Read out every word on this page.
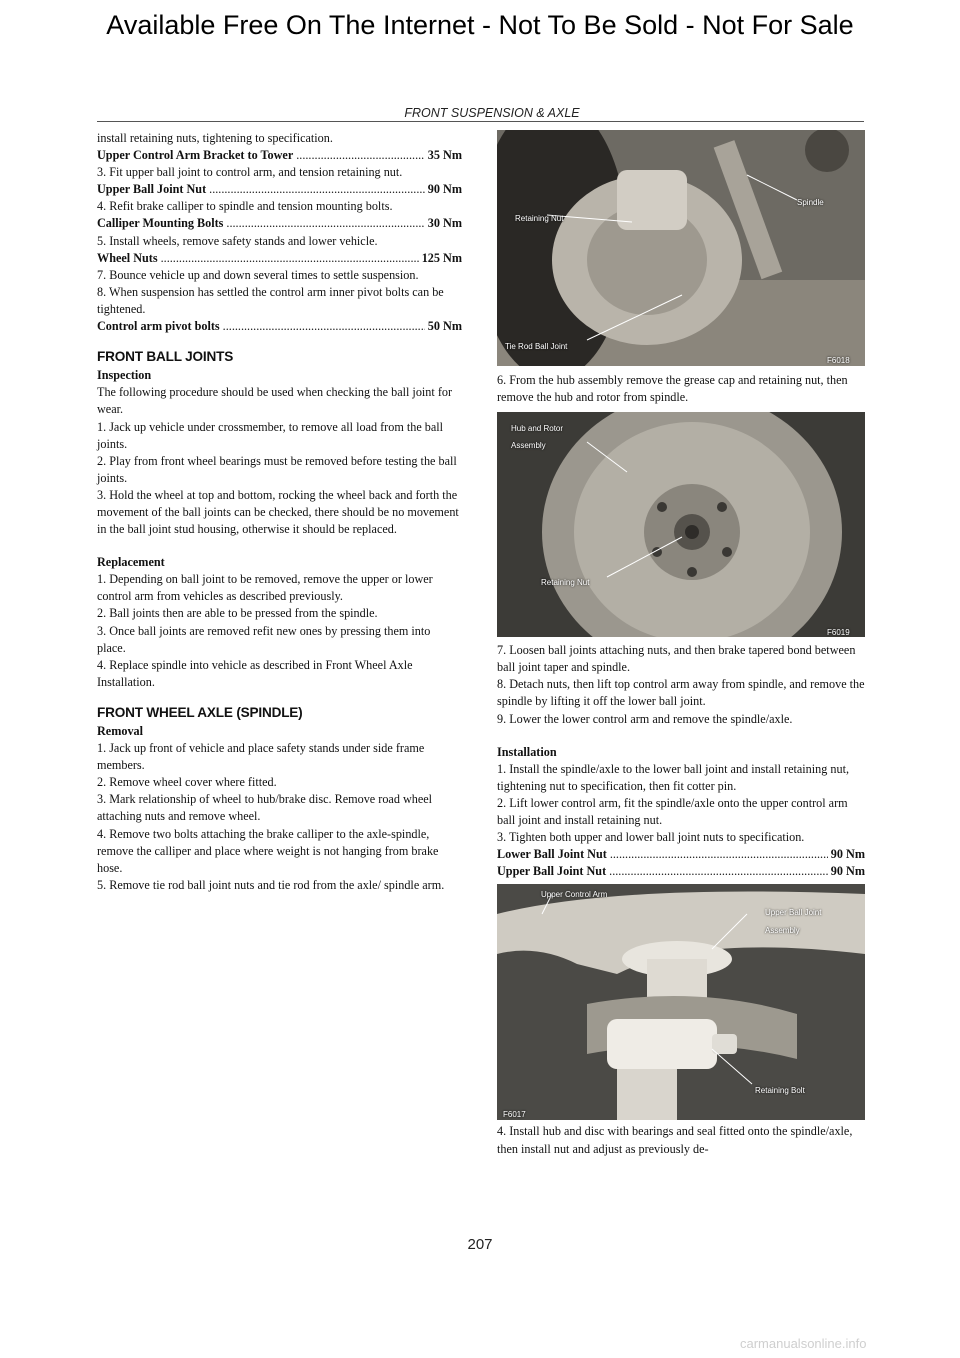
Available Free On The Internet - Not To Be Sold - Not For Sale
FRONT SUSPENSION & AXLE

install retaining nuts, tightening to specification.

Upper Control Arm Bracket to Tower .....	35 Nm

3. Fit upper ball joint to control arm, and tension retaining nut.

Upper Ball Joint Nut .....	90 Nm

4. Refit brake calliper to spindle and tension mounting bolts.

Calliper Mounting Bolts .....	30 Nm

5. Install wheels, remove safety stands and lower vehicle.

Wheel Nuts .....	125 Nm

7. Bounce vehicle up and down several times to settle suspension.

8. When suspension has settled the control arm inner pivot bolts can be tightened.

Control arm pivot bolts .....	50 Nm

FRONT BALL JOINTS

Inspection

The following procedure should be used when checking the ball joint for wear.

1. Jack up vehicle under crossmember, to remove all load from the ball joints.

2. Play from front wheel bearings must be removed before testing the ball joints.

3. Hold the wheel at top and bottom, rocking the wheel back and forth the movement of the ball joints can be checked, there should be no movement in the ball joint stud housing, otherwise it should be replaced.

Replacement

1. Depending on ball joint to be removed, remove the upper or lower control arm from vehicles as described previously.

2. Ball joints then are able to be pressed from the spindle.

3. Once ball joints are removed refit new ones by pressing them into place.

4. Replace spindle into vehicle as described in Front Wheel Axle Installation.

FRONT WHEEL AXLE (SPINDLE)

Removal

1. Jack up front of vehicle and place safety stands under side frame members.

2. Remove wheel cover where fitted.

3. Mark relationship of wheel to hub/brake disc. Remove road wheel attaching nuts and remove wheel.

4. Remove two bolts attaching the brake calliper to the axle-spindle, remove the calliper and place where weight is not hanging from brake hose.

5. Remove tie rod ball joint nuts and tie rod from the axle/ spindle arm.

Spindle
Retaining Nut
Tie Rod Ball Joint
F6018

6. From the hub assembly remove the grease cap and retaining nut, then remove the hub and rotor from spindle.

Hub and Rotor Assembly
Retaining Nut
F6019

7. Loosen ball joints attaching nuts, and then brake tapered bond between ball joint taper and spindle.

8. Detach nuts, then lift top control arm away from spindle, and remove the spindle by lifting it off the lower ball joint.

9. Lower the lower control arm and remove the spindle/axle.

Installation

1. Install the spindle/axle to the lower ball joint and install retaining nut, tightening nut to specification, then fit cotter pin.

2. Lift lower control arm, fit the spindle/axle onto the upper control arm ball joint and install retaining nut.

3. Tighten both upper and lower ball joint nuts to specification.

Lower Ball Joint Nut .....	90 Nm
Upper Ball Joint Nut .....	90 Nm
Upper Control Arm
Upper Ball Joint Assembly
Retaining Bolt
F6017

4. Install hub and disc with bearings and seal fitted onto the spindle/axle, then install nut and adjust as previously de-

207
carmanualsonline.info
